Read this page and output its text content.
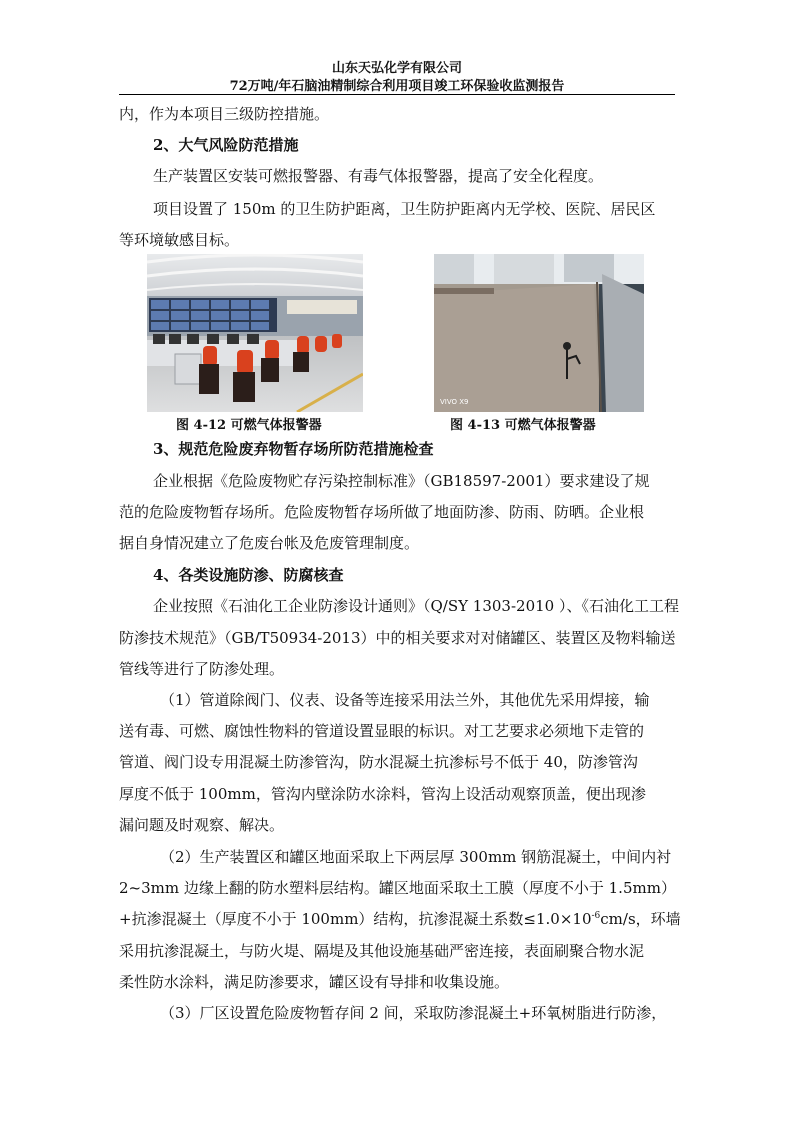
山东天弘化学有限公司
72万吨/年石脑油精制综合利用项目竣工环保验收监测报告
内，作为本项目三级防控措施。
2、大气风险防范措施
生产装置区安装可燃报警器、有毒气体报警器，提高了安全化程度。
项目设置了 150m 的卫生防护距离，卫生防护距离内无学校、医院、居民区
等环境敏感目标。
VIVO X9
图 4-12 可燃气体报警器	图 4-13 可燃气体报警器
3、规范危险废弃物暂存场所防范措施检查
企业根据《危险废物贮存污染控制标准》（GB18597-2001）要求建设了规
范的危险废物暂存场所。危险废物暂存场所做了地面防渗、防雨、防晒。企业根
据自身情况建立了危废台帐及危废管理制度。
4、各类设施防渗、防腐核查
企业按照《石油化工企业防渗设计通则》（Q/SY 1303-2010 ）、《石油化工工程
防渗技术规范》（GB/T50934-2013）中的相关要求对对储罐区、装置区及物料输送
管线等进行了防渗处理。
（1）管道除阀门、仪表、设备等连接采用法兰外，其他优先采用焊接，输
送有毒、可燃、腐蚀性物料的管道设置显眼的标识。对工艺要求必须地下走管的
管道、阀门设专用混凝土防渗管沟，防水混凝土抗渗标号不低于 40，防渗管沟
厚度不低于 100mm，管沟内壁涂防水涂料，管沟上设活动观察顶盖，便出现渗
漏问题及时观察、解决。
（2）生产装置区和罐区地面采取上下两层厚 300mm 钢筋混凝土，中间内衬
2~3mm 边缘上翻的防水塑料层结构。罐区地面采取土工膜（厚度不小于 1.5mm）
+抗渗混凝土（厚度不小于 100mm）结构，抗渗混凝土系数$\le 1.0\times 10^{-6}cm/s$，环墙
采用抗渗混凝土，与防火堤、隔堤及其他设施基础严密连接，表面刷聚合物水泥
柔性防水涂料，满足防渗要求，罐区设有导排和收集设施。
（3）厂区设置危险废物暂存间 2 间，采取防渗混凝土+环氧树脂进行防渗，
